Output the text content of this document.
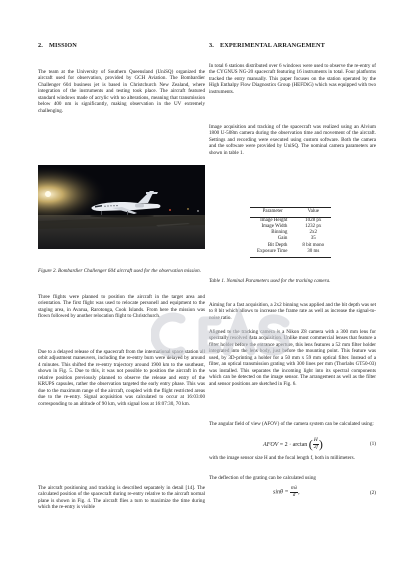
2. MISSION

The team at the University of Southern Queensland (UniSQ) organized the aircraft used for observation, provided by GCH Aviation. The Bombardier Challenger 604 business jet is based in Christchurch New Zealand, where integration of the instruments and testing took place. The aircraft featured standard windows made of acrylic with no alterations, meaning that transmission below 400 nm is significantly, making observation in the UV extremely challenging.

Figure 2. Bombardier Challenger 604 aircraft used for the observation mission.

Three flights were planned to position the aircraft in the target area and orientation. The first flight was used to relocate personell and equipment to the staging area, in Avarua, Rarotonga, Cook Islands. From here the mission was flown followed by another relocation flight to Christchurch.

Due to a delayed release of the spacecraft from the international space station all orbit adjustment maneuvers, including the re-entry burn were delayed by around 4 minutes. This shifted the re-entry trajectory around 1900 km to the southeast, shown in Fig. 5. Due to this, it was not possible to position the aircraft in the relative position previously planned to observe the release and entry of the KRUPS capsules, rather the observation targeted the early entry phase. This was due to the maximum range of the aircraft, coupled with the flight restricted areas due to the re-entry. Signal acquisition was calculated to occur at 16:03:00 corresponding to an altitude of 90 km, with signal loss at 16:07:30, 70 km.

The aircraft positioning and tracking is described separately in detail [14]. The calculated position of the spacecraft during re-entry relative to the aircraft normal plane is shown in Fig. 4. The aircraft flies a turn to maximize the time during which the re-entry is visible

3. EXPERIMENTAL ARRANGEMENT

In total 6 stations distributed over 6 windows were used to observe the re-entry of the CYGNUS NG-20 spacecraft featuring 16 instruments in total. Four platforms tracked the entry manually. This paper focuses on the station operated by the High Enthalpy Flow Diagnostics Group (HEFDiG) which was equipped with two instruments.

Image acquisition and tracking of the spacecraft was realized using an Alvium 1800 U-508m camera during the observation time and movement of the aircraft. Settings and recording were executed using custom software. Both the camera and the software were provided by UniSQ. The nominal camera parameters are shown in table 1.

Parameter	Value
Image Height	1028 px
Image Width	1232 px
Binning	2x2
Gain	35
Bit Depth	8 bit mono
Exposure Time	30 ms

Table 1. Nominal Parameters used for the tracking camera.

Aiming for a fast acquisition, a 2x2 binning was applied and the bit depth was set to 8 bit which allows to increase the frame rate as well as increase the signal-to-noise ratio.

Aligned to the tracking camera is a Nikon Z8 camera with a 300 mm lens for spectrally resolved data acquisition. Unlike most commercial lenses that feature a filter holder before the entrance aperture, this lens features a 52 mm filter holder integrated into the lens body, just before the mounting point. This feature was used, by 3D-printing a holder for a 50 mm x 59 mm optical filter. Instead of a filter, an optical transmission grating with 300 lines per mm (Thorlabs GT50-03) was installed. This separates the incoming light into its spectral components which can be detected on the image sensor. The arrangement as well as the filter and sensor positions are sketched in Fig. 6.

The angular field of view (AFOV) of the camera system can be calculated using:

AFOV = 2 · arctan ( $\frac{H}{2f}$ )	(1)

with the image sensor size H and the focal length f, both in millimeters.

The deflection of the grating can be calculated using

$\sin\theta = \frac{m\lambda}{d}$ ,	(2)
